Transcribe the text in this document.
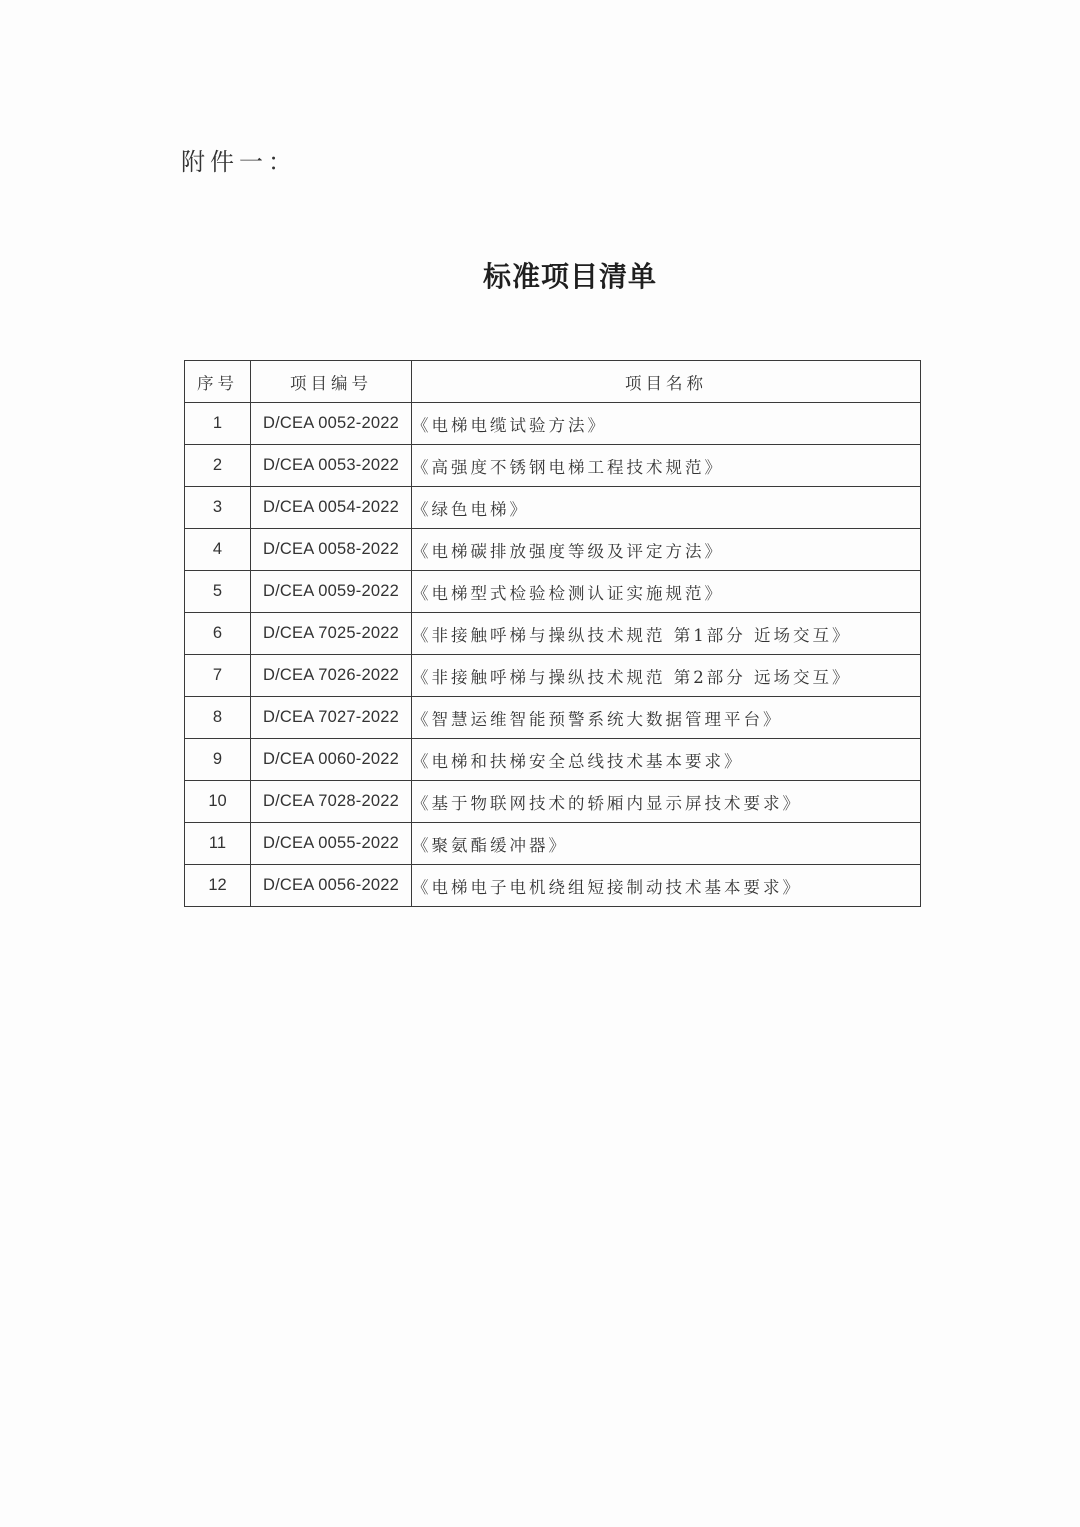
附件一：
标准项目清单
序号	项目编号	项目名称
1	D/CEA 0052-2022	《电梯电缆试验方法》
2	D/CEA 0053-2022	《高强度不锈钢电梯工程技术规范》
3	D/CEA 0054-2022	《绿色电梯》
4	D/CEA 0058-2022	《电梯碳排放强度等级及评定方法》
5	D/CEA 0059-2022	《电梯型式检验检测认证实施规范》
6	D/CEA 7025-2022	《非接触呼梯与操纵技术规范 第1部分 近场交互》
7	D/CEA 7026-2022	《非接触呼梯与操纵技术规范 第2部分 远场交互》
8	D/CEA 7027-2022	《智慧运维智能预警系统大数据管理平台》
9	D/CEA 0060-2022	《电梯和扶梯安全总线技术基本要求》
10	D/CEA 7028-2022	《基于物联网技术的轿厢内显示屏技术要求》
11	D/CEA 0055-2022	《聚氨酯缓冲器》
12	D/CEA 0056-2022	《电梯电子电机绕组短接制动技术基本要求》
